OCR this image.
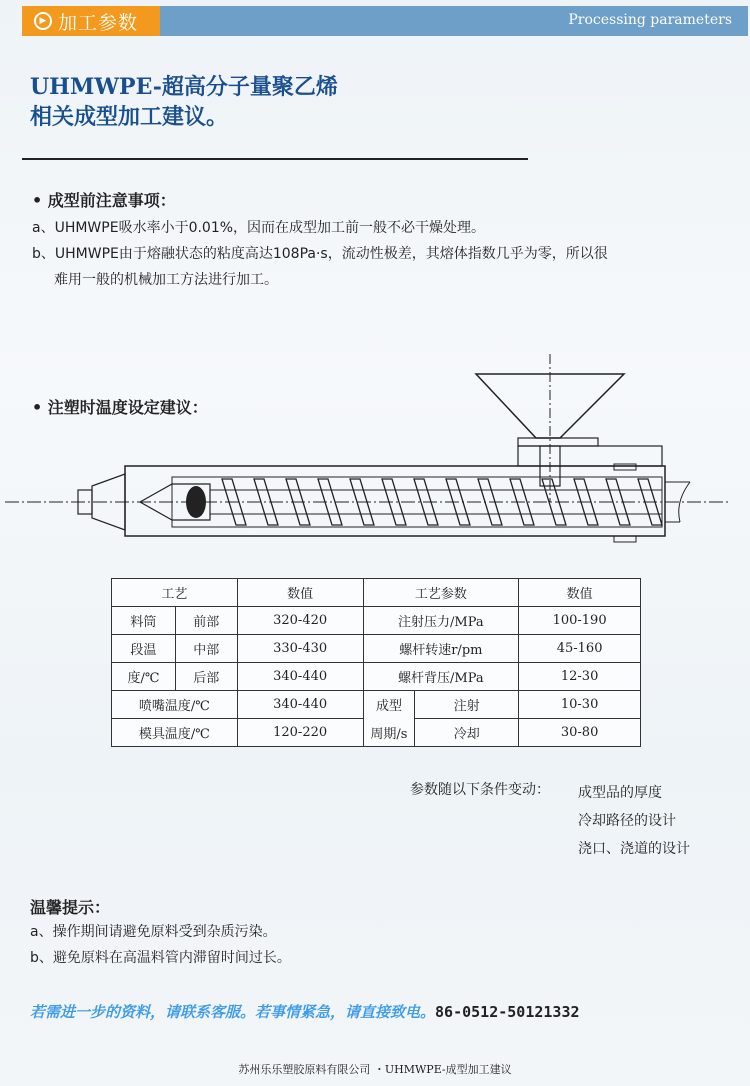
▶ 加工参数	Processing parameters
UHMWPE-超高分子量聚乙烯
相关成型加工建议。
• 成型前注意事项：
a、UHMWPE吸水率小于0.01%，因而在成型加工前一般不必干燥处理。
b、UHMWPE由于熔融状态的粘度高达108Pa·s，流动性极差，其熔体指数几乎为零，所以很
难用一般的机械加工方法进行加工。
• 注塑时温度设定建议：
工艺		数值	工艺参数		数值
料筒	前部	320-420	注射压力/MPa		100-190
段温	中部	330-430	螺杆转速r/pm		45-160
度/℃	后部	340-440	螺杆背压/MPa		12-30
喷嘴温度/℃		340-440	成型	注射	10-30
模具温度/℃		120-220	周期/s	冷却	30-80
参数随以下条件变动： 成型品的厚度
冷却路径的设计
浇口、浇道的设计
温馨提示：
a、操作期间请避免原料受到杂质污染。
b、避免原料在高温料管内滞留时间过长。
若需进一步的资料，请联系客服。若事情紧急，请直接致电。86-0512-50121332
苏州乐乐塑胶原料有限公司 ・UHMWPE-成型加工建议
